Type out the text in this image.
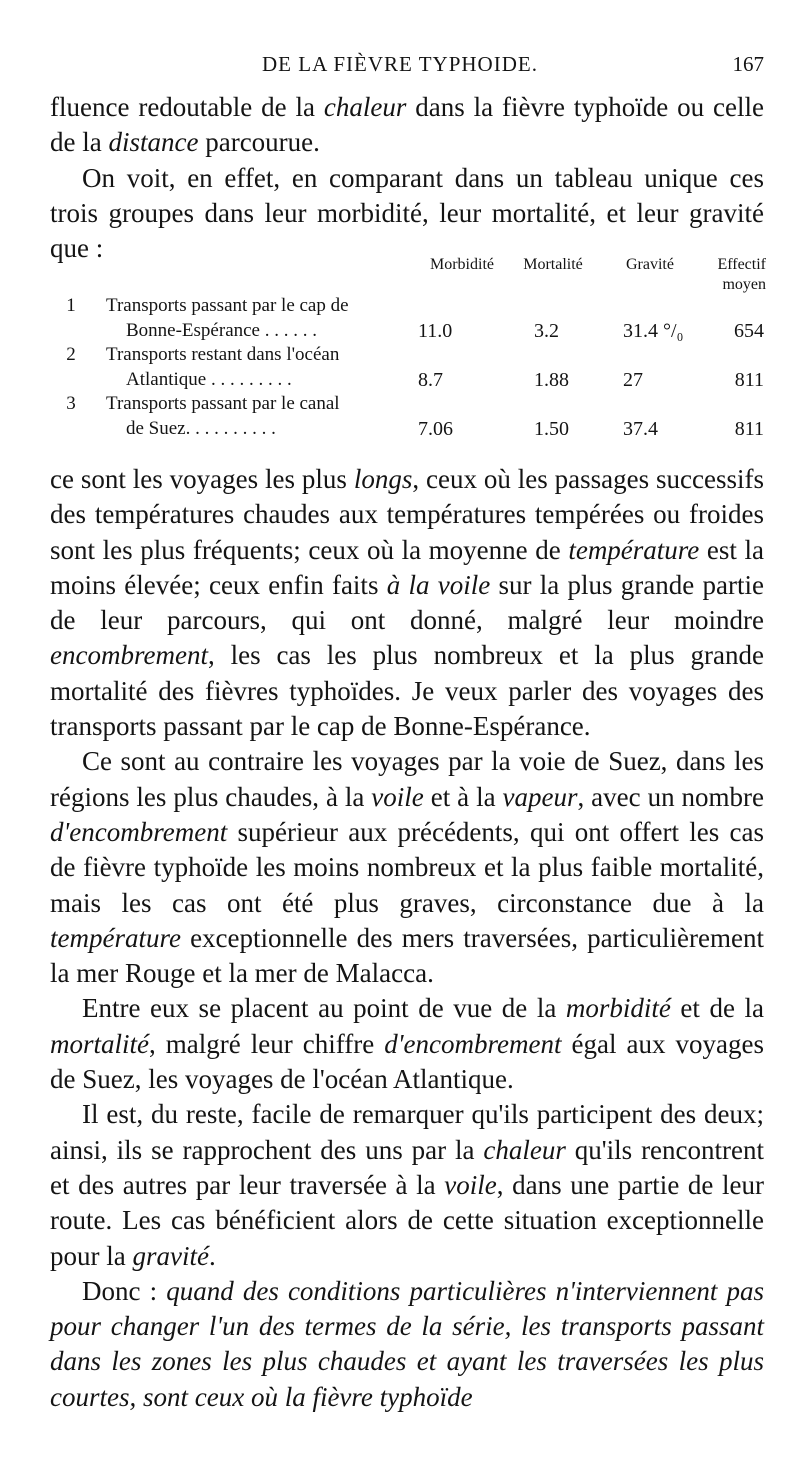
DE LA FIÈVRE TYPHOIDE.	167

fluence redoutable de la chaleur dans la fièvre typhoïde ou celle de la distance parcourue.

On voit, en effet, en comparant dans un tableau unique ces trois groupes dans leur morbidité, leur mortalité, et leur gravité que :

Morbidité	Mortalité	Gravité	Effectif
moyen
1 Transports passant par le cap de
Bonne-Espérance . . . . . .	11.0	3.2	31.4 °/₀	654
2 Transports restant dans l'océan
Atlantique . . . . . . . . .	8.7	1.88	27	811
3 Transports passant par le canal
de Suez. . . . . . . . . .	7.06	1.50	37.4	811

ce sont les voyages les plus longs, ceux où les passages successifs des températures chaudes aux températures tempérées ou froides sont les plus fréquents; ceux où la moyenne de température est la moins élevée; ceux enfin faits à la voile sur la plus grande partie de leur parcours, qui ont donné, malgré leur moindre encombrement, les cas les plus nombreux et la plus grande mortalité des fièvres typhoïdes. Je veux parler des voyages des transports passant par le cap de Bonne-Espérance.

Ce sont au contraire les voyages par la voie de Suez, dans les régions les plus chaudes, à la voile et à la vapeur, avec un nombre d'encombrement supérieur aux précédents, qui ont offert les cas de fièvre typhoïde les moins nombreux et la plus faible mortalité, mais les cas ont été plus graves, circonstance due à la température exceptionnelle des mers traversées, particulièrement la mer Rouge et la mer de Malacca.

Entre eux se placent au point de vue de la morbidité et de la mortalité, malgré leur chiffre d'encombrement égal aux voyages de Suez, les voyages de l'océan Atlantique.

Il est, du reste, facile de remarquer qu'ils participent des deux; ainsi, ils se rapprochent des uns par la chaleur qu'ils rencontrent et des autres par leur traversée à la voile, dans une partie de leur route. Les cas bénéficient alors de cette situation exceptionnelle pour la gravité.

Donc : quand des conditions particulières n'interviennent pas pour changer l'un des termes de la série, les transports passant dans les zones les plus chaudes et ayant les traversées les plus courtes, sont ceux où la fièvre typhoïde
